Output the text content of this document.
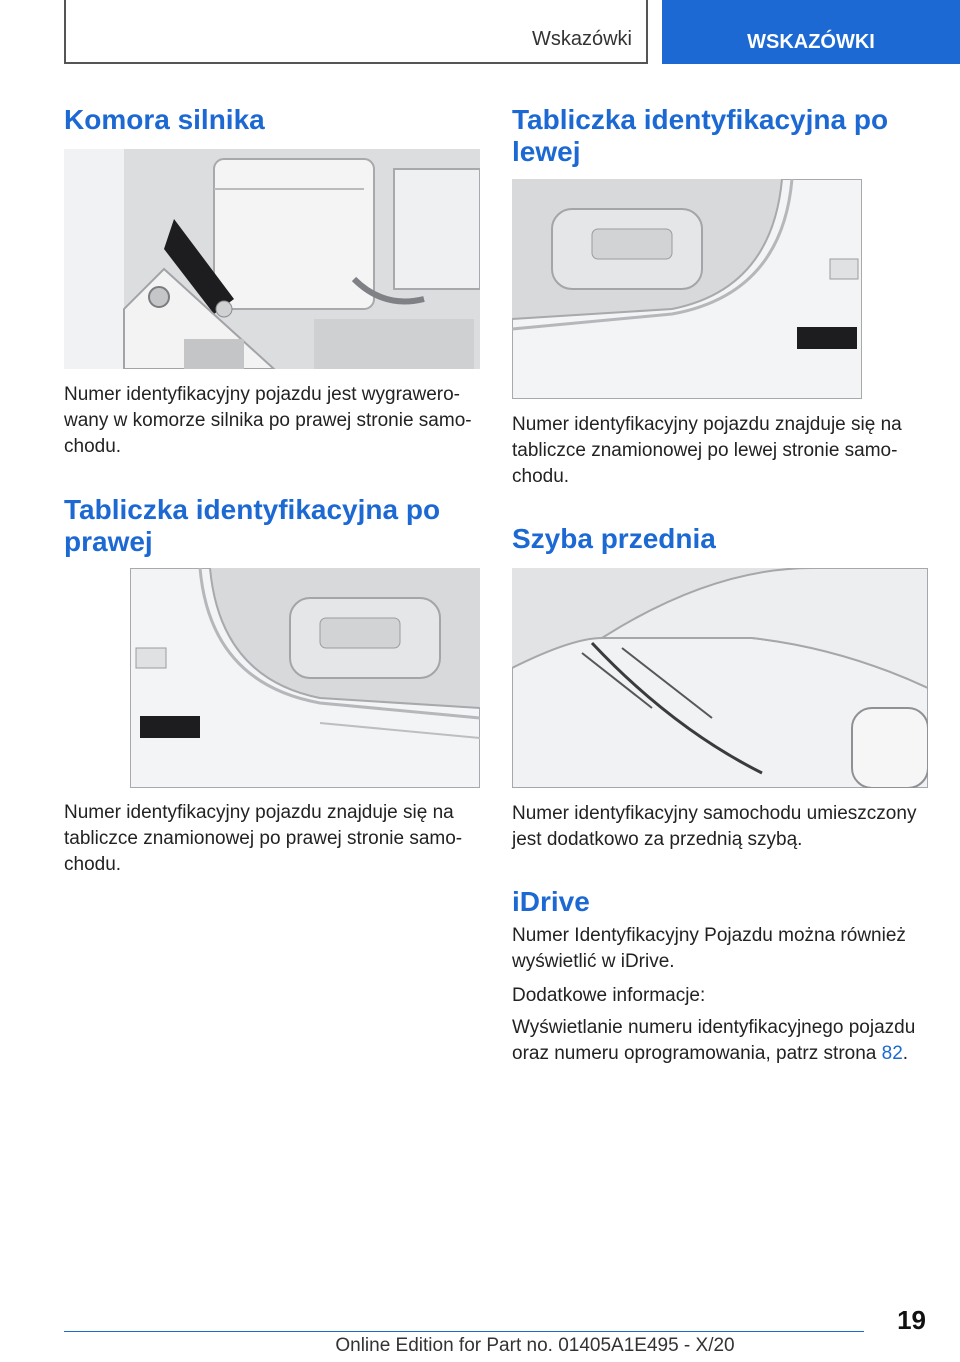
Wskazówki	WSKAZÓWKI
Komora silnika

Numer identyfikacyjny pojazdu jest wygrawero-

wany w komorze silnika po prawej stronie samo-

chodu.

Tabliczka identyfikacyjna po
prawej

Numer identyfikacyjny pojazdu znajduje się na

tabliczce znamionowej po prawej stronie samo-

chodu.

Tabliczka identyfikacyjna po
lewej

Numer identyfikacyjny pojazdu znajduje się na

tabliczce znamionowej po lewej stronie samo-

chodu.

Szyba przednia

Numer identyfikacyjny samochodu umieszczony

jest dodatkowo za przednią szybą.

iDrive

Numer Identyfikacyjny Pojazdu można również

wyświetlić w iDrive.

Dodatkowe informacje:

Wyświetlanie numeru identyfikacyjnego pojazdu

oraz numeru oprogramowania, patrz strona 82.

19
Online Edition for Part no. 01405A1E495 - X/20
